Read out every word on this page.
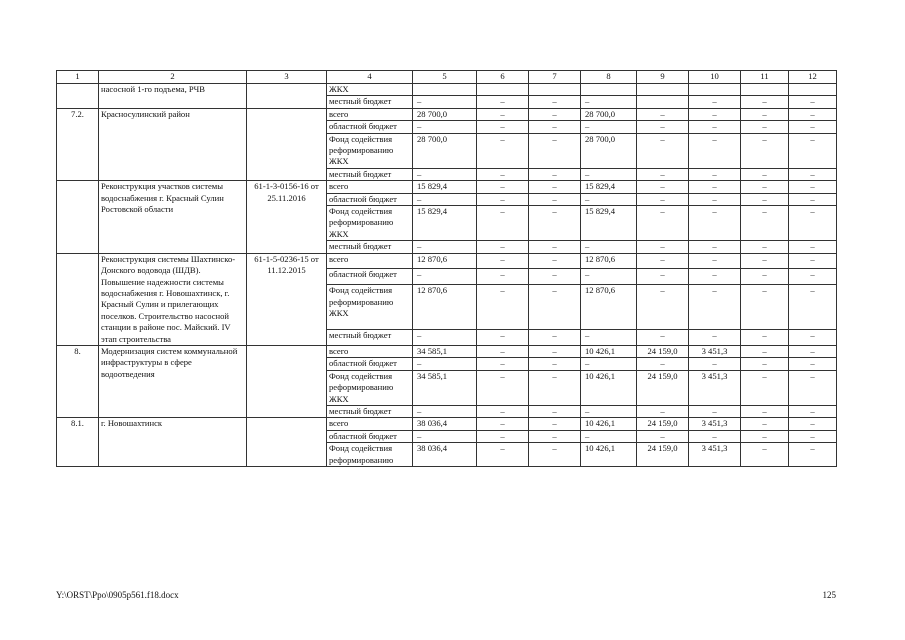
1	2	3	4	5	6	7	8	9	10	11	12
	насосной 1-го подъема, РЧВ		ЖКХ								
			местный бюджет	–	–	–	–		–	–	–
7.2.	Красносулинский район		всего	28 700,0	–	–	28 700,0	–	–	–	–
			областной бюджет	–	–	–	–	–	–	–	–
			Фонд содействия реформированию ЖКХ	28 700,0	–	–	28 700,0	–	–	–	–
			местный бюджет	–	–	–	–	–	–	–	–
	Реконструкция участков системы водоснабжения г. Красный Сулин Ростовской области	61-1-3-0156-16 от 25.11.2016	всего	15 829,4	–	–	15 829,4	–	–	–	–
			областной бюджет	–	–	–	–	–	–	–	–
			Фонд содействия реформированию ЖКХ	15 829,4	–	–	15 829,4	–	–	–	–
			местный бюджет	–	–	–	–	–	–	–	–
	Реконструкция системы Шахтинско-Донского водовода (ШДВ). Повышение надежности системы водоснабжения г. Новошахтинск, г. Красный Сулин и прилегающих поселков. Строительство насосной станции в районе пос. Майский. IV этап строительства	61-1-5-0236-15 от 11.12.2015	всего	12 870,6	–	–	12 870,6	–	–	–	–
			областной бюджет	–	–	–	–	–	–	–	–
			Фонд содействия реформированию ЖКХ	12 870,6	–	–	12 870,6	–	–	–	–
			местный бюджет	–	–	–	–	–	–	–	–
8.	Модернизация систем коммунальной инфраструктуры в сфере водоотведения		всего	34 585,1	–	–	10 426,1	24 159,0	3 451,3	–	–
			областной бюджет	–	–	–	–	–	–	–	–
			Фонд содействия реформированию ЖКХ	34 585,1	–	–	10 426,1	24 159,0	3 451,3	–	–
			местный бюджет	–	–	–	–	–	–	–	–
8.1.	г. Новошахтинск		всего	38 036,4	–	–	10 426,1	24 159,0	3 451,3	–	–
			областной бюджет	–	–	–	–	–	–	–	–
			Фонд содействия реформированию	38 036,4	–	–	10 426,1	24 159,0	3 451,3	–	–
Y:\ORST\Ppo\0905p561.f18.docx	125
